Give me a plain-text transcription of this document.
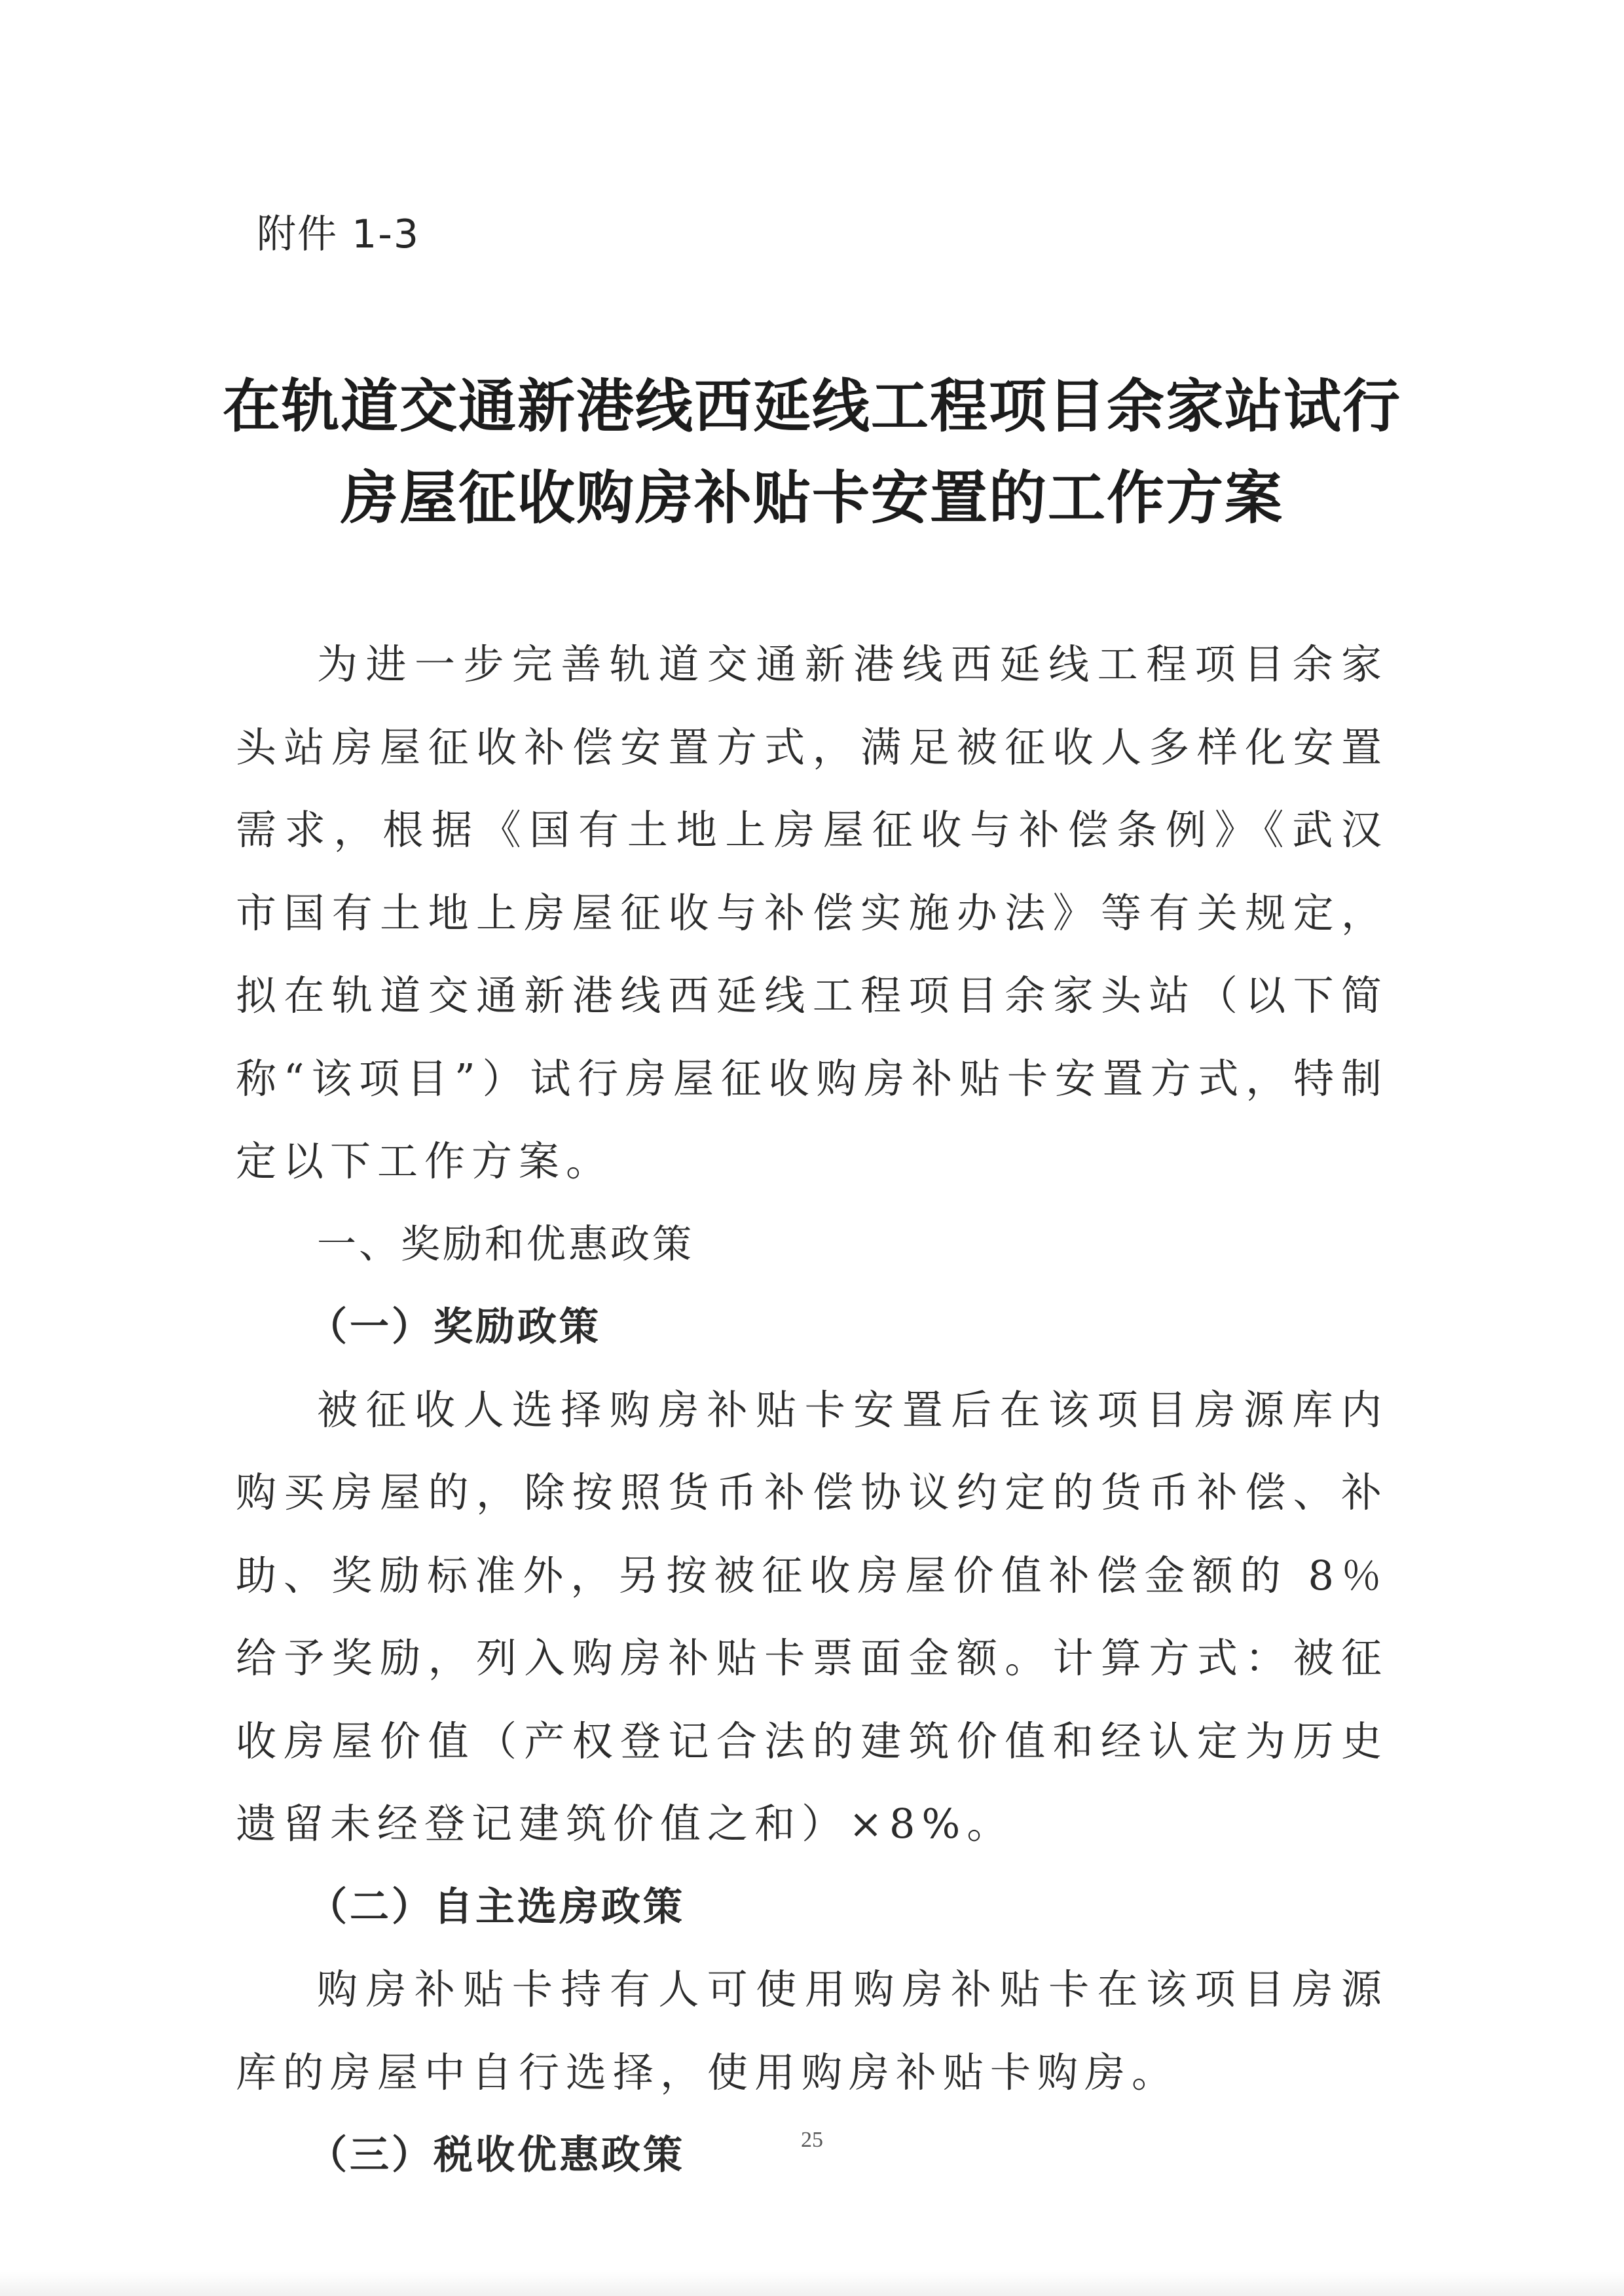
附件 1-3
在轨道交通新港线西延线工程项目余家站试行
房屋征收购房补贴卡安置的工作方案

为进一步完善轨道交通新港线西延线工程项目余家头站房屋征收补偿安置方式，满足被征收人多样化安置需求，根据《国有土地上房屋征收与补偿条例》《武汉市国有土地上房屋征收与补偿实施办法》等有关规定，拟在轨道交通新港线西延线工程项目余家头站（以下简称“该项目”）试行房屋征收购房补贴卡安置方式，特制定以下工作方案。

一、奖励和优惠政策

（一）奖励政策

被征收人选择购房补贴卡安置后在该项目房源库内购买房屋的，除按照货币补偿协议约定的货币补偿、补助、奖励标准外，另按被征收房屋价值补偿金额的 8％给予奖励，列入购房补贴卡票面金额。计算方式：被征收房屋价值（产权登记合法的建筑价值和经认定为历史遗留未经登记建筑价值之和）×8%。

（二）自主选房政策

购房补贴卡持有人可使用购房补贴卡在该项目房源库的房屋中自行选择，使用购房补贴卡购房。

（三）税收优惠政策	25
